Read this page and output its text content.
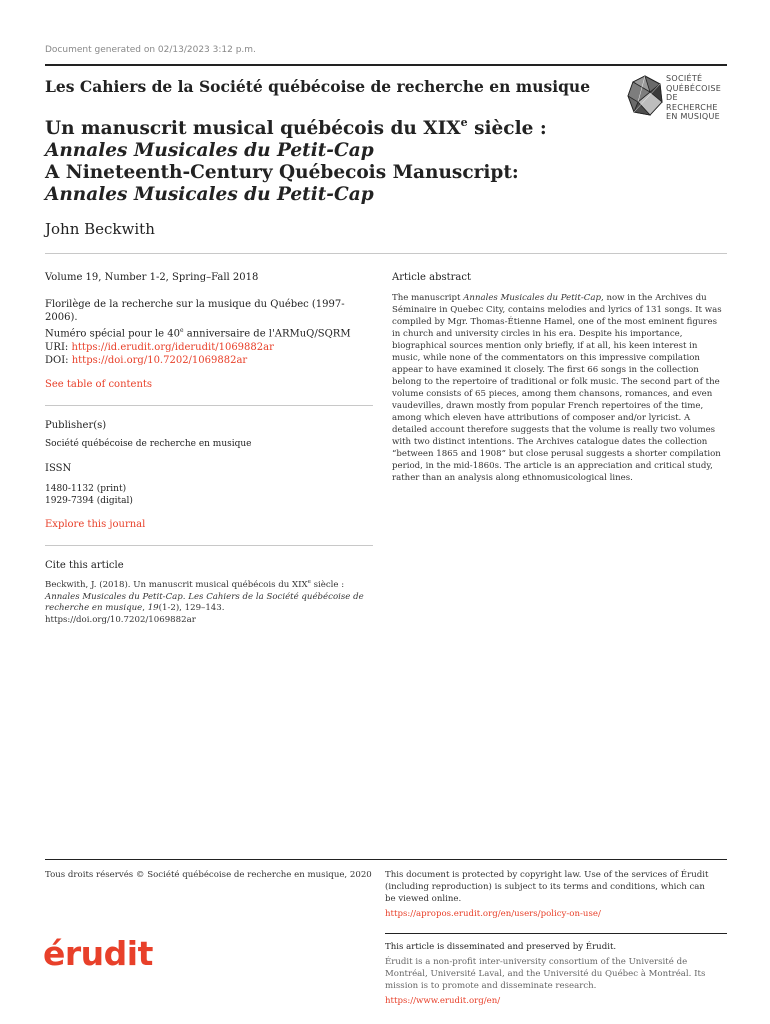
Document generated on 02/13/2023 3:12 p.m.
Les Cahiers de la Société québécoise de recherche en musique	SOCIÉTÉ
QUÉBÉCOISE
DE RECHERCHE
EN MUSIQUE
Un manuscrit musical québécois du XIXe siècle : Annales Musicales du Petit-Cap
A Nineteenth-Century Québecois Manuscript: Annales Musicales du Petit-Cap
John Beckwith
Volume 19, Number 1-2, Spring–Fall 2018
Florilège de la recherche sur la musique du Québec (1997-2006).
Numéro spécial pour le 40e anniversaire de l'ARMuQ/SQRM
URI: https://id.erudit.org/iderudit/1069882ar
DOI: https://doi.org/10.7202/1069882ar
See table of contents
Publisher(s)
Société québécoise de recherche en musique
ISSN
1480-1132 (print)
1929-7394 (digital)
Explore this journal
Cite this article
Beckwith, J. (2018). Un manuscrit musical québécois du XIXe siècle : Annales Musicales du Petit-Cap. Les Cahiers de la Société québécoise de recherche en musique, 19(1-2), 129–143. https://doi.org/10.7202/1069882ar
Article abstract
The manuscript Annales Musicales du Petit-Cap, now in the Archives du Séminaire in Quebec City, contains melodies and lyrics of 131 songs. It was compiled by Mgr. Thomas-Étienne Hamel, one of the most eminent figures in church and university circles in his era. Despite his importance, biographical sources mention only briefly, if at all, his keen interest in music, while none of the commentators on this impressive compilation appear to have examined it closely. The first 66 songs in the collection belong to the repertoire of traditional or folk music. The second part of the volume consists of 65 pieces, among them chansons, romances, and even vaudevilles, drawn mostly from popular French repertoires of the time, among which eleven have attributions of composer and/or lyricist. A detailed account therefore suggests that the volume is really two volumes with two distinct intentions. The Archives catalogue dates the collection “between 1865 and 1908” but close perusal suggests a shorter compilation period, in the mid-1860s. The article is an appreciation and critical study, rather than an analysis along ethnomusicological lines.
Tous droits réservés © Société québécoise de recherche en musique, 2020	This document is protected by copyright law. Use of the services of Érudit (including reproduction) is subject to its terms and conditions, which can be viewed online.
https://apropos.erudit.org/en/users/policy-on-use/
érudit	This article is disseminated and preserved by Érudit.
Érudit is a non-profit inter-university consortium of the Université de Montréal, Université Laval, and the Université du Québec à Montréal. Its mission is to promote and disseminate research.
https://www.erudit.org/en/
